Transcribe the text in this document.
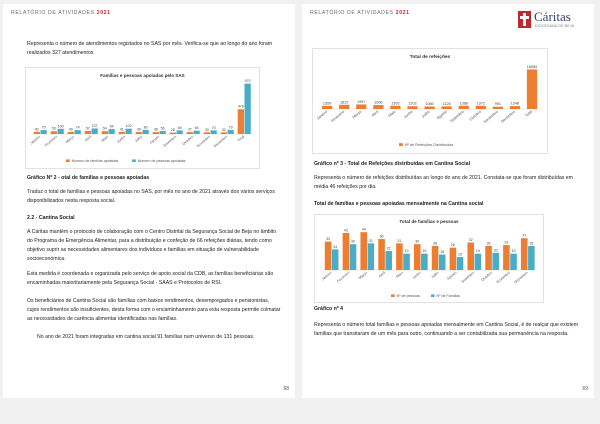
RELATÓRIO DE ATIVIDADES 2021
Representa o número de atendimentos registados no SAS por mês. Verifica-se que ao longo do ano foram realizados 327 atendimentos
Famílias e pessoas apoiadas pelo SAS
42 75
Janeiro
53
100
Fevereiro
40 74
Março
57
107
Abril
54
94
Maio
41
102
Junho
39
80
Julho
36 56
Agosto
28
69
Setembro
37 64
Outubro
33 70
Novembro
32
79
Dezembro
476
970
Total
Número de famílias apoiadas	Número de pessoas apoiadas
Gráfico Nº 2 - otal de famílias e pessoas apoiadas
Traduz o total de famílias e pessoas apoiadas no SAS, por mês no ano de 2021 através dos vários serviços disponibilizados nesta resposta social.
2.2 - Cantina Social
A Cáritas mantém o protocolo de colaboração com o Centro Distrital da Segurança Social de Beja no âmbito do Programa de Emergência Alimentar, para a distribuição e confeção de 66 refeições diárias, tendo como objetivo suprir as necessidades alimentares dos indivíduos e famílias em situação de vulnerabilidade socioeconómica.
Esta medida é coordenada e organizada pelo serviço de apoio social da CDB, as famílias beneficiárias são encaminhadas maioritariamente pela Segurança Social - SAAS e Protocolos de RSI.
Os beneficiários de Cantina Social são famílias com baixos rendimentos, desempregados e pensionistas, cujos rendimentos são insuficientes, desta forma com o encaminhamento para esta resposta permite colmatar as necessidades de carência alimentar identificadas nas famílias.
No ano de 2021 foram integradas em cantina social 91 famílias num universo de 131 pessoas.
68
RELATÓRIO DE ATIVIDADES 2021	Cáritas
DIOCESANA DE BEJA
Total de refeições
1359
Janeiro
1810
Fevereiro
1957
Março
1696
Abril
1392
Maio
1202
Junho
1080
Julho
1126
Agosto
1388
Setembro
1372
Outubro
991
Novembro
1248
Dezembro
16959
Total
Nº de Refeições Distribuídas
Gráfico nº 3 - Total de Refeições distribuídas em Cantina Social
Representa o número de refeições distribuídas ao longo do ano de 2021. Constata-se que foram distribuídas em média 46 refeições por dia.
Total de famílias e pessoas apoiadas mensalmente na Cantina social
Total de famílias e pessoas
33
24
Janeiro
43
30
Fevereiro
44
31
Março
36
22
Abril
31
19
Maio
30
19
Junho
28
18
Julho
26
15
Agosto
32
19
Setembro
28
20
Outubro
29
19
Novembro
37
28
Dezembro
Nº de pessoas	Nº de Famílias
Gráfico nº 4
Representa o número total famílias e pessoas apoiadas mensalmente em Cantina Social, é de realçar que existem famílias que transitaram de um mês para outro, continuando a ser contabilizada sua permanência na resposta.
69
